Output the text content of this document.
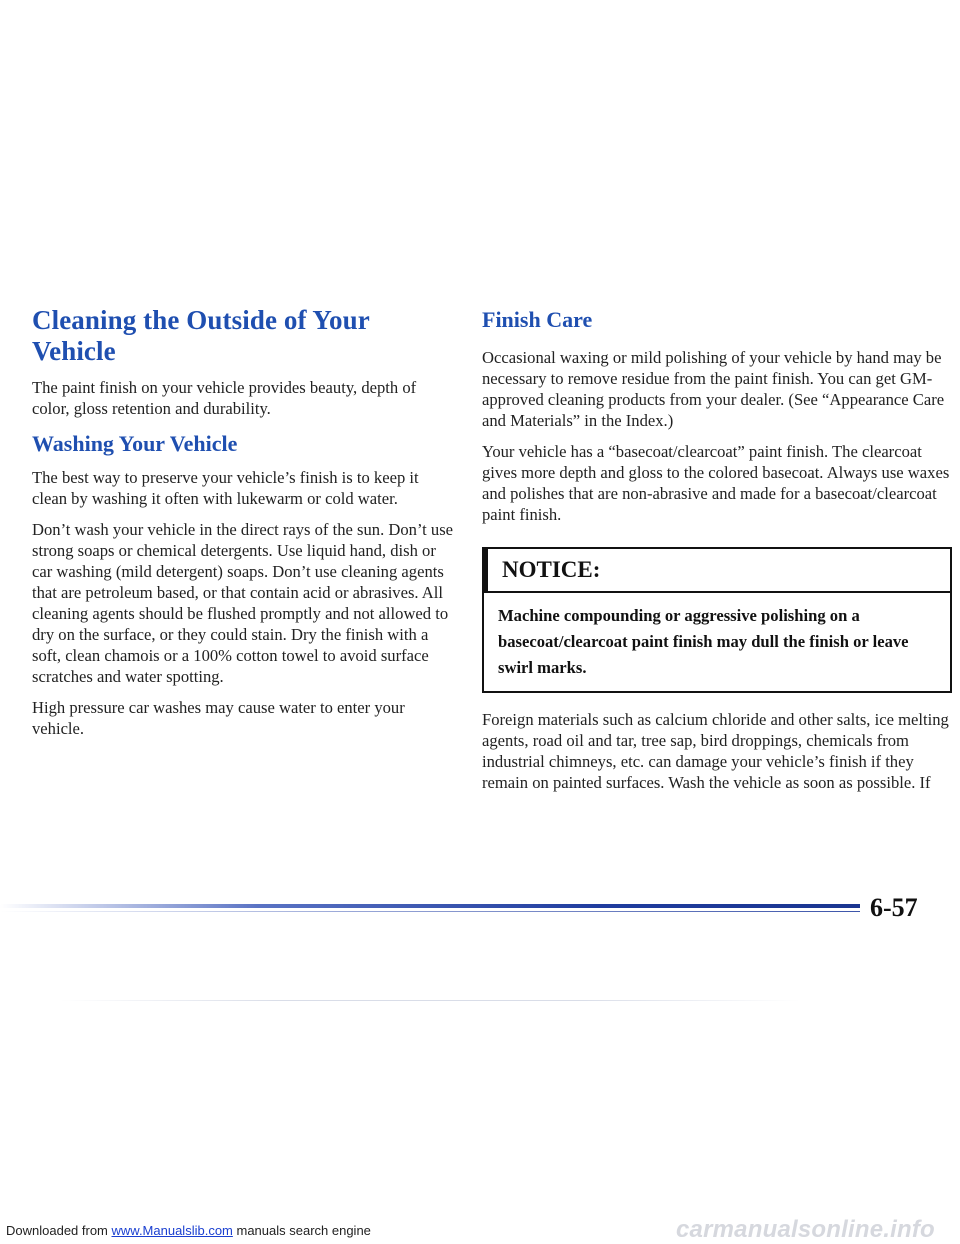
Cleaning the Outside of Your Vehicle

The paint finish on your vehicle provides beauty, depth of color, gloss retention and durability.

Washing Your Vehicle

The best way to preserve your vehicle’s finish is to keep it clean by washing it often with lukewarm or cold water.

Don’t wash your vehicle in the direct rays of the sun. Don’t use strong soaps or chemical detergents. Use liquid hand, dish or car washing (mild detergent) soaps. Don’t use cleaning agents that are petroleum based, or that contain acid or abrasives. All cleaning agents should be flushed promptly and not allowed to dry on the surface, or they could stain. Dry the finish with a soft, clean chamois or a 100% cotton towel to avoid surface scratches and water spotting.

High pressure car washes may cause water to enter your vehicle.

Finish Care

Occasional waxing or mild polishing of your vehicle by hand may be necessary to remove residue from the paint finish. You can get GM-approved cleaning products from your dealer. (See “Appearance Care and Materials” in the Index.)

Your vehicle has a “basecoat/clearcoat” paint finish. The clearcoat gives more depth and gloss to the colored basecoat. Always use waxes and polishes that are non-abrasive and made for a basecoat/clearcoat paint finish.

NOTICE:
Machine compounding or aggressive polishing on a basecoat/clearcoat paint finish may dull the finish or leave swirl marks.

Foreign materials such as calcium chloride and other salts, ice melting agents, road oil and tar, tree sap, bird droppings, chemicals from industrial chimneys, etc. can damage your vehicle’s finish if they remain on painted surfaces. Wash the vehicle as soon as possible. If

6-57
Downloaded from www.Manualslib.com manuals search engine	carmanualsonline.info
